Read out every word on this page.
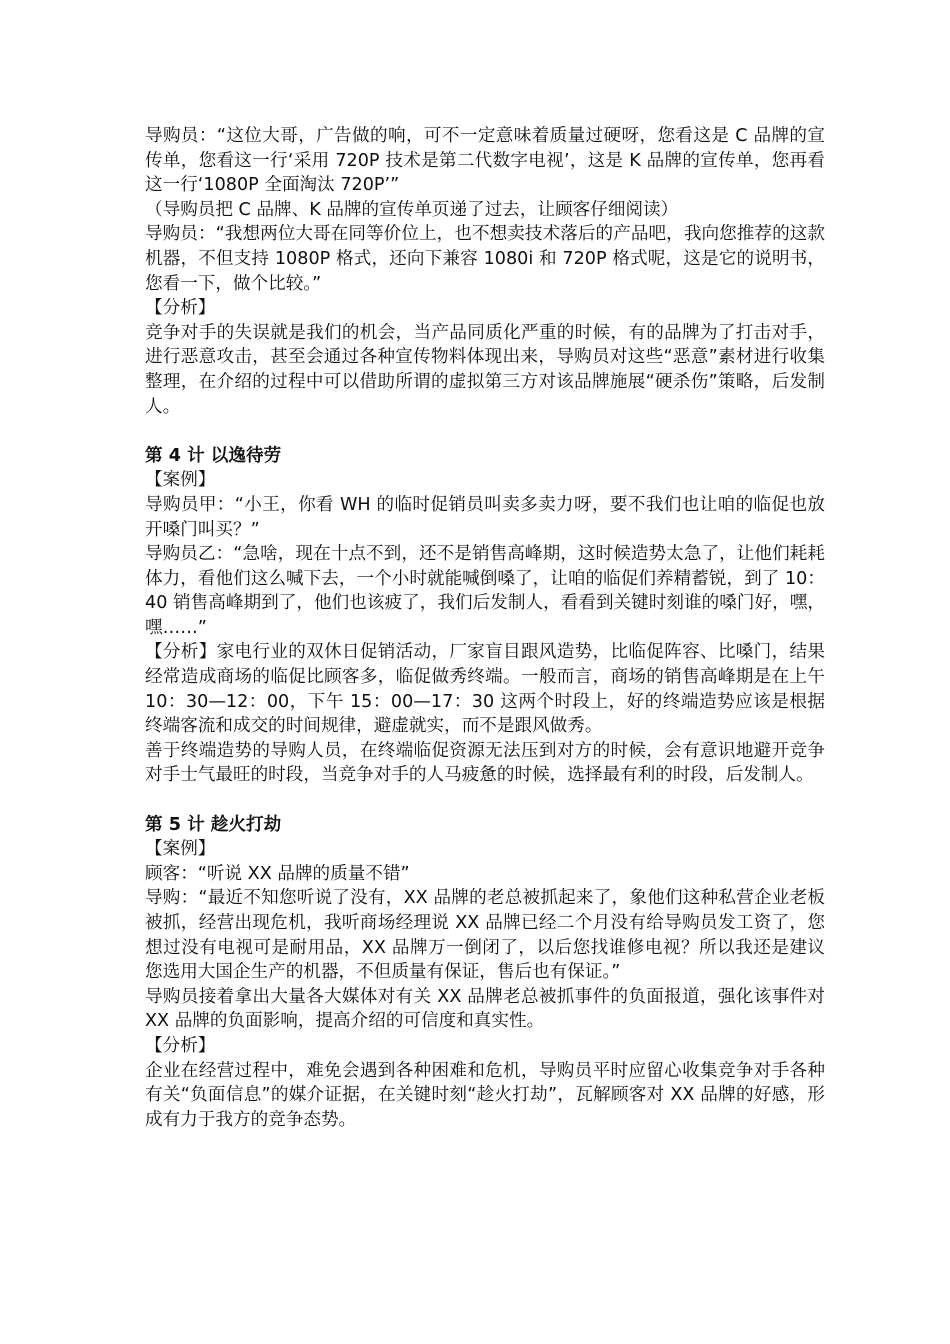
导购员：“这位大哥，广告做的响，可不一定意味着质量过硬呀，您看这是 C 品牌的宣传单，您看这一行‘采用 720P 技术是第二代数字电视’，这是 K 品牌的宣传单，您再看这一行‘1080P 全面淘汰 720P’”

（导购员把 C 品牌、K 品牌的宣传单页递了过去，让顾客仔细阅读）

导购员：“我想两位大哥在同等价位上，也不想卖技术落后的产品吧，我向您推荐的这款机器，不但支持 1080P 格式，还向下兼容 1080i 和 720P 格式呢，这是它的说明书，您看一下，做个比较。”

【分析】

竞争对手的失误就是我们的机会，当产品同质化严重的时候，有的品牌为了打击对手，进行恶意攻击，甚至会通过各种宣传物料体现出来，导购员对这些“恶意”素材进行收集整理，在介绍的过程中可以借助所谓的虚拟第三方对该品牌施展“硬杀伤”策略，后发制人。

第 4 计 以逸待劳

【案例】

导购员甲：“小王，你看 WH 的临时促销员叫卖多卖力呀，要不我们也让咱的临促也放开嗓门叫买？”

导购员乙：“急啥，现在十点不到，还不是销售高峰期，这时候造势太急了，让他们耗耗体力，看他们这么喊下去，一个小时就能喊倒嗓了，让咱的临促们养精蓄锐，到了 10：40 销售高峰期到了，他们也该疲了，我们后发制人，看看到关键时刻谁的嗓门好，嘿，嘿……”

【分析】家电行业的双休日促销活动，厂家盲目跟风造势，比临促阵容、比嗓门，结果经常造成商场的临促比顾客多，临促做秀终端。一般而言，商场的销售高峰期是在上午 10：30—12：00，下午 15：00—17：30 这两个时段上，好的终端造势应该是根据终端客流和成交的时间规律，避虚就实，而不是跟风做秀。

善于终端造势的导购人员，在终端临促资源无法压到对方的时候，会有意识地避开竞争对手士气最旺的时段，当竞争对手的人马疲惫的时候，选择最有利的时段，后发制人。

第 5 计 趁火打劫

【案例】

顾客：“听说 XX 品牌的质量不错”

导购：“最近不知您听说了没有，XX 品牌的老总被抓起来了，象他们这种私营企业老板被抓，经营出现危机，我听商场经理说 XX 品牌已经二个月没有给导购员发工资了，您想过没有电视可是耐用品，XX 品牌万一倒闭了，以后您找谁修电视？所以我还是建议您选用大国企生产的机器，不但质量有保证，售后也有保证。”

导购员接着拿出大量各大媒体对有关 XX 品牌老总被抓事件的负面报道，强化该事件对 XX 品牌的负面影响，提高介绍的可信度和真实性。

【分析】

企业在经营过程中，难免会遇到各种困难和危机，导购员平时应留心收集竞争对手各种有关“负面信息”的媒介证据，在关键时刻“趁火打劫”，瓦解顾客对 XX 品牌的好感，形成有力于我方的竞争态势。
